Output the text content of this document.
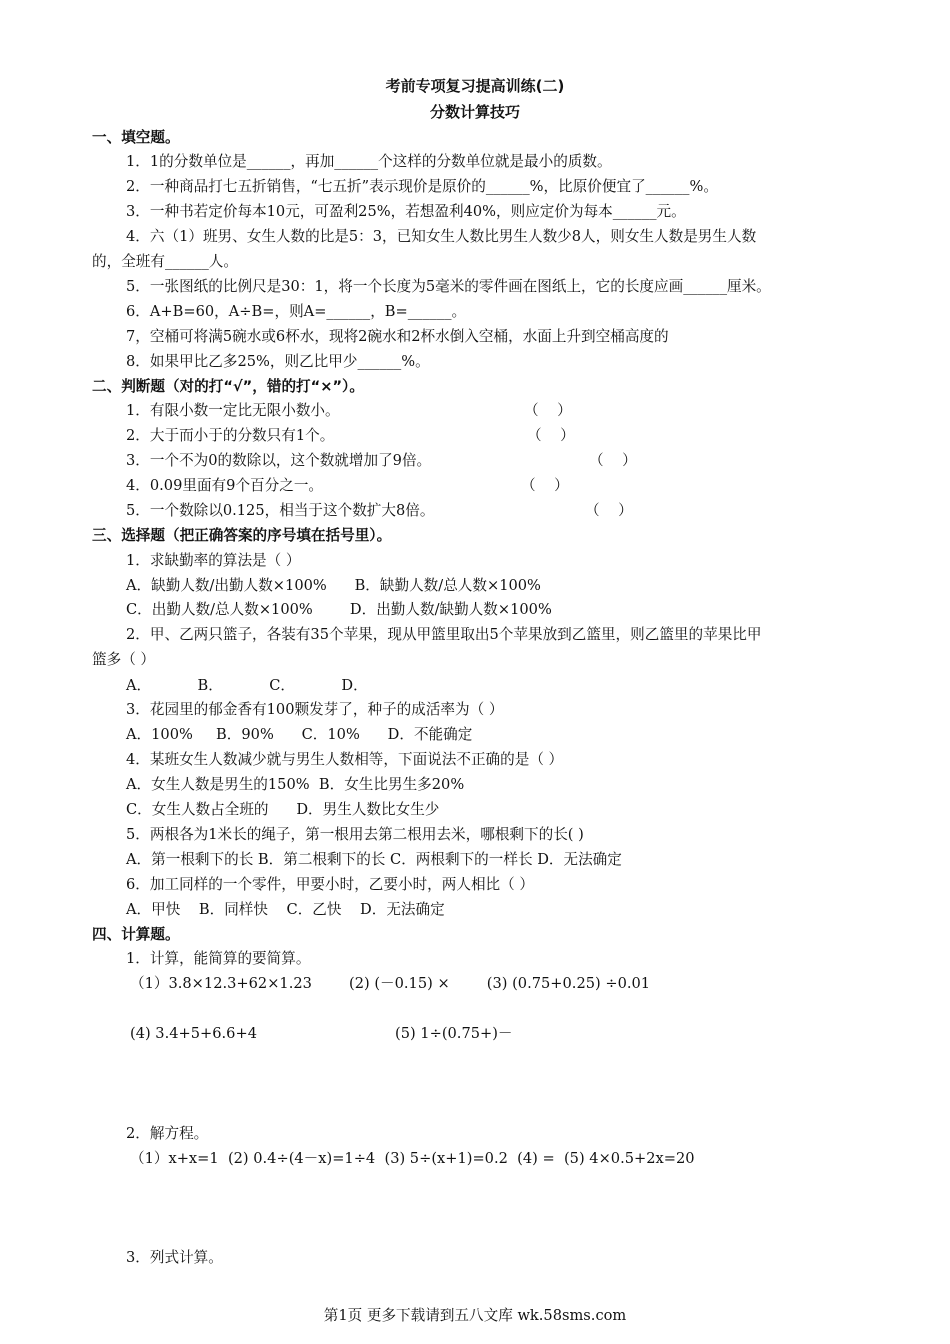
考前专项复习提高训练(二)

分数计算技巧

一、填空题。

1．1的分数单位是______，再加______个这样的分数单位就是最小的质数。

2．一种商品打七五折销售，“七五折”表示现价是原价的______%，比原价便宜了______%。

3．一种书若定价每本10元，可盈利25%，若想盈利40%，则应定价为每本______元。

4．六（1）班男、女生人数的比是5：3，已知女生人数比男生人数少8人，则女生人数是男生人数

的，全班有______人。

5．一张图纸的比例尺是30：1，将一个长度为5毫米的零件画在图纸上，它的长度应画______厘米。

6．A+B=60，A÷B=，则A=______，B=______。

7，空桶可将满5碗水或6杯水，现将2碗水和2杯水倒入空桶，水面上升到空桶高度的

8．如果甲比乙多25%，则乙比甲少______%。

二、判断题（对的打“√”，错的打“×”）。

1．有限小数一定比无限小数小。	（    ）

2．大于而小于的分数只有1个。	（    ）

3．一个不为0的数除以，这个数就增加了9倍。	（    ）

4．0.09里面有9个百分之一。	（    ）

5．一个数除以0.125，相当于这个数扩大8倍。	（    ）

三、选择题（把正确答案的序号填在括号里）。

1．求缺勤率的算法是（ ）

A．缺勤人数/出勤人数×100%      B．缺勤人数/总人数×100%

C．出勤人数/总人数×100%        D．出勤人数/缺勤人数×100%

2．甲、乙两只篮子，各装有35个苹果，现从甲篮里取出5个苹果放到乙篮里，则乙篮里的苹果比甲

篮多（ ）

A．          B．          C．          D．

3．花园里的郁金香有100颗发芽了，种子的成活率为（ ）

A．100%     B．90%      C．10%      D．不能确定

4．某班女生人数减少就与男生人数相等，下面说法不正确的是（ ）

A．女生人数是男生的150%  B．女生比男生多20%

C．女生人数占全班的      D．男生人数比女生少

5．两根各为1米长的绳子，第一根用去第二根用去米，哪根剩下的长( )

A．第一根剩下的长 B．第二根剩下的长 C．两根剩下的一样长 D．无法确定

6．加工同样的一个零件，甲要小时，乙要小时，两人相比（ ）

A．甲快    B．同样快    C．乙快    D．无法确定

四、计算题。

1．计算，能简算的要简算。

（1）3.8×12.3+62×1.23        (2) (－0.15) ×        (3) (0.75+0.25) ÷0.01

(4) 3.4+5+6.6+4	(5) 1÷(0.75+)－

2．解方程。

（1）x+x=1  (2) 0.4÷(4－x)=1÷4  (3) 5÷(x+1)=0.2  (4) =  (5) 4×0.5+2x=20

3．列式计算。

第1页 更多下载请到五八文库 wk.58sms.com
